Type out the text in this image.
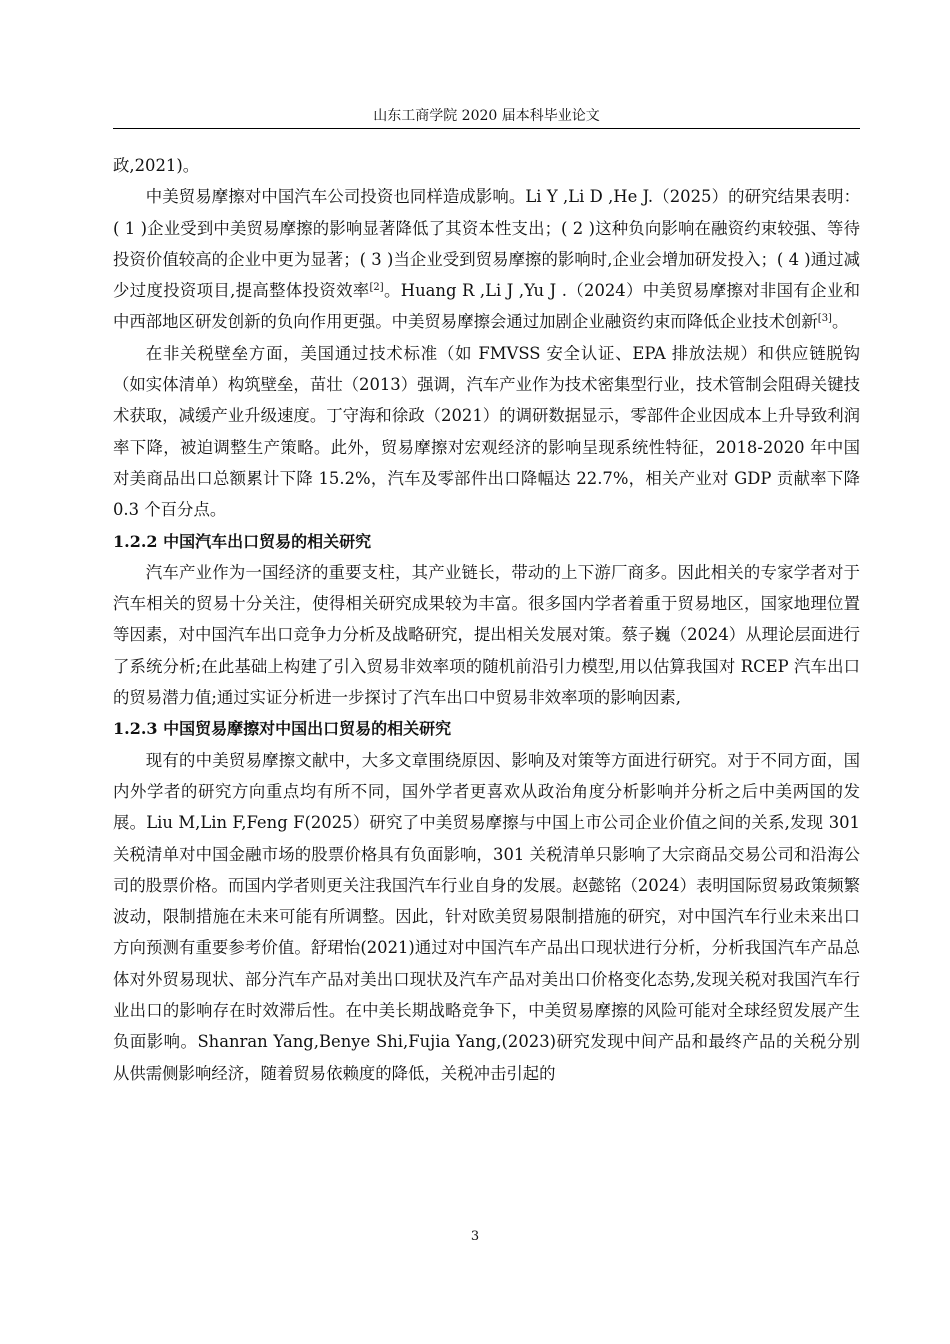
山东工商学院 2020 届本科毕业论文

政,2021)。

中美贸易摩擦对中国汽车公司投资也同样造成影响。Li Y ,Li D ,He J.（2025）的研究结果表明：( 1 )企业受到中美贸易摩擦的影响显著降低了其资本性支出；( 2 )这种负向影响在融资约束较强、等待投资价值较高的企业中更为显著；( 3 )当企业受到贸易摩擦的影响时,企业会增加研发投入；( 4 )通过减少过度投资项目,提高整体投资效率[2]。Huang R ,Li J ,Yu J .（2024）中美贸易摩擦对非国有企业和中西部地区研发创新的负向作用更强。中美贸易摩擦会通过加剧企业融资约束而降低企业技术创新[3]。

在非关税壁垒方面，美国通过技术标准（如 FMVSS 安全认证、EPA 排放法规）和供应链脱钩（如实体清单）构筑壁垒，苗壮（2013）强调，汽车产业作为技术密集型行业，技术管制会阻碍关键技术获取，减缓产业升级速度。丁守海和徐政（2021）的调研数据显示，零部件企业因成本上升导致利润率下降，被迫调整生产策略。此外，贸易摩擦对宏观经济的影响呈现系统性特征，2018-2020 年中国对美商品出口总额累计下降 15.2%，汽车及零部件出口降幅达 22.7%，相关产业对 GDP 贡献率下降 0.3 个百分点。

1.2.2 中国汽车出口贸易的相关研究

汽车产业作为一国经济的重要支柱，其产业链长，带动的上下游厂商多。因此相关的专家学者对于汽车相关的贸易十分关注，使得相关研究成果较为丰富。很多国内学者着重于贸易地区，国家地理位置等因素，对中国汽车出口竞争力分析及战略研究，提出相关发展对策。蔡子巍（2024）从理论层面进行了系统分析;在此基础上构建了引入贸易非效率项的随机前沿引力模型,用以估算我国对 RCEP 汽车出口的贸易潜力值;通过实证分析进一步探讨了汽车出口中贸易非效率项的影响因素,

1.2.3 中国贸易摩擦对中国出口贸易的相关研究

现有的中美贸易摩擦文献中，大多文章围绕原因、影响及对策等方面进行研究。对于不同方面，国内外学者的研究方向重点均有所不同，国外学者更喜欢从政治角度分析影响并分析之后中美两国的发展。Liu M,Lin F,Feng F(2025）研究了中美贸易摩擦与中国上市公司企业价值之间的关系,发现 301 关税清单对中国金融市场的股票价格具有负面影响，301 关税清单只影响了大宗商品交易公司和沿海公司的股票价格。而国内学者则更关注我国汽车行业自身的发展。赵懿铭（2024）表明国际贸易政策频繁波动，限制措施在未来可能有所调整。因此，针对欧美贸易限制措施的研究，对中国汽车行业未来出口方向预测有重要参考价值。舒珺怡(2021)通过对中国汽车产品出口现状进行分析，分析我国汽车产品总体对外贸易现状、部分汽车产品对美出口现状及汽车产品对美出口价格变化态势,发现关税对我国汽车行业出口的影响存在时效滞后性。在中美长期战略竞争下，中美贸易摩擦的风险可能对全球经贸发展产生负面影响。Shanran Yang,Benye Shi,Fujia Yang,(2023)研究发现中间产品和最终产品的关税分别从供需侧影响经济，随着贸易依赖度的降低，关税冲击引起的

3
